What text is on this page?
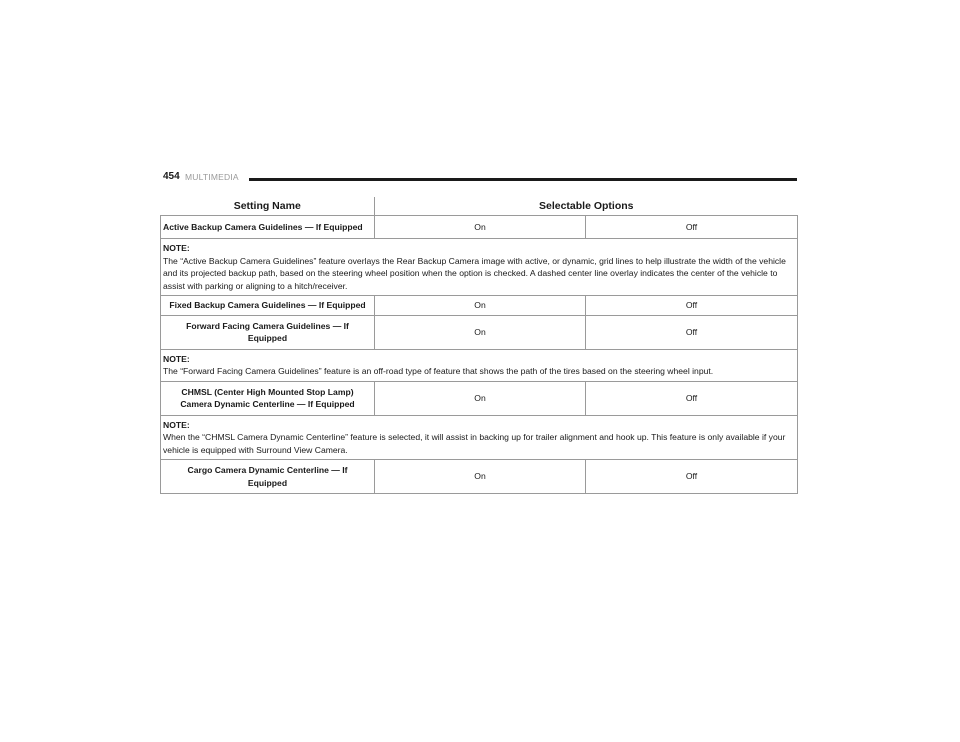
454 MULTIMEDIA
Setting Name	Selectable Options	
Active Backup Camera Guidelines — If Equipped	On	Off

NOTE:
The “Active Backup Camera Guidelines” feature overlays the Rear Backup Camera image with active, or dynamic, grid lines to help illustrate the width of the vehicle and its projected backup path, based on the steering wheel position when the option is checked. A dashed center line overlay indicates the center of the vehicle to assist with parking or aligning to a hitch/receiver.		
Fixed Backup Camera Guidelines — If Equipped	On	Off
Forward Facing Camera Guidelines — If Equipped	On	Off

NOTE:
The “Forward Facing Camera Guidelines” feature is an off-road type of feature that shows the path of the tires based on the steering wheel input.		
CHMSL (Center High Mounted Stop Lamp) Camera Dynamic Centerline — If Equipped	On	Off

NOTE:
When the “CHMSL Camera Dynamic Centerline” feature is selected, it will assist in backing up for trailer alignment and hook up. This feature is only available if your vehicle is equipped with Surround View Camera.		
Cargo Camera Dynamic Centerline — If Equipped	On	Off
